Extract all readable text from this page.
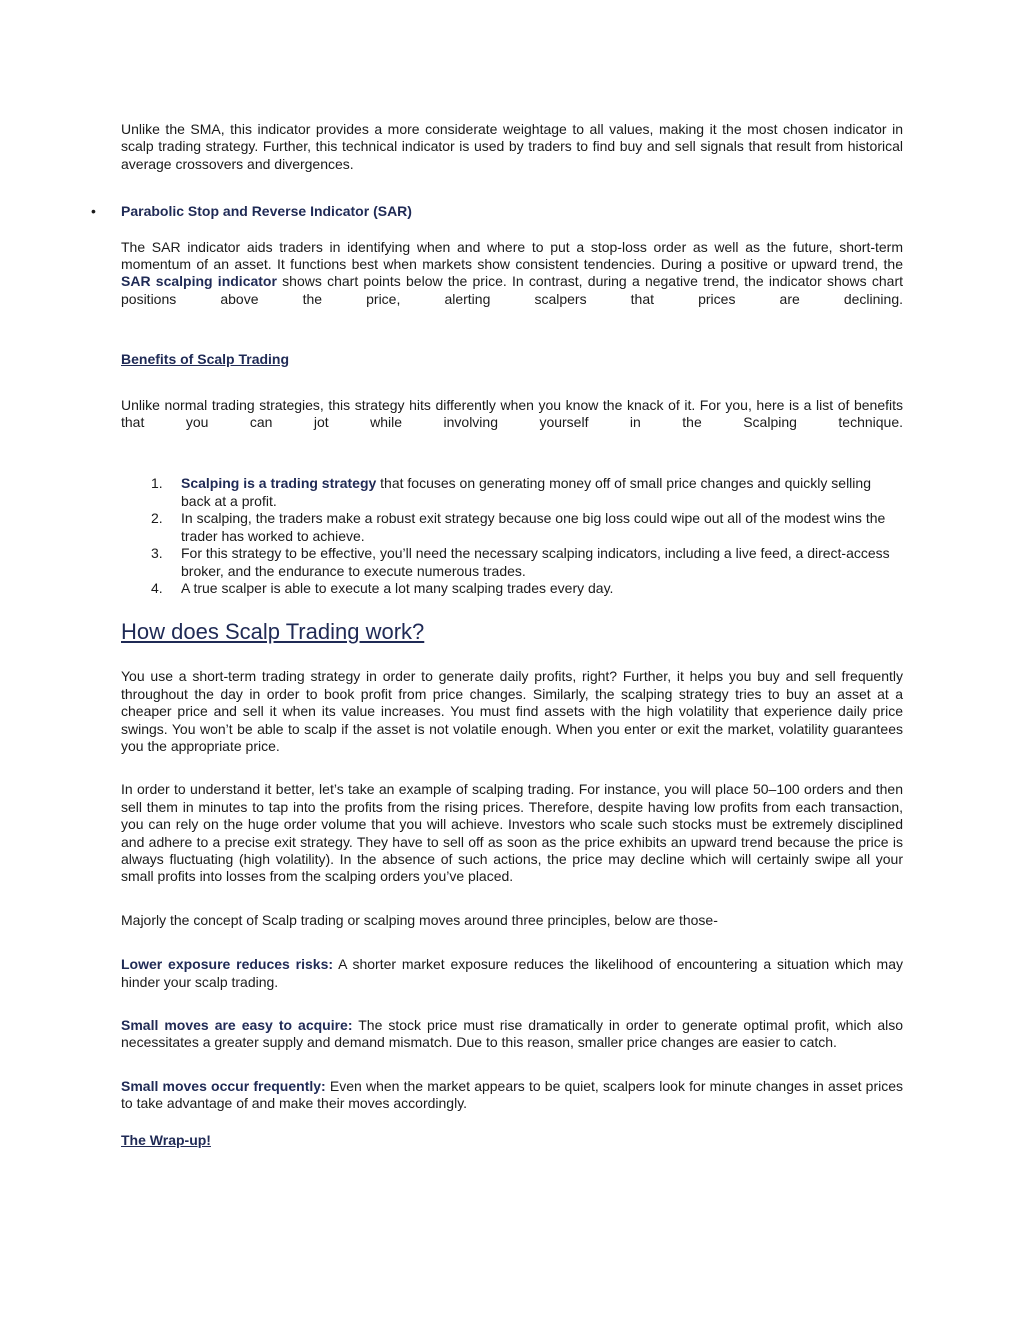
Unlike the SMA, this indicator provides a more considerate weightage to all values, making it the most chosen indicator in scalp trading strategy. Further, this technical indicator is used by traders to find buy and sell signals that result from historical average crossovers and divergences.

• Parabolic Stop and Reverse Indicator (SAR)

The SAR indicator aids traders in identifying when and where to put a stop-loss order as well as the future, short-term momentum of an asset. It functions best when markets show consistent tendencies. During a positive or upward trend, the SAR scalping indicator shows chart points below the price. In contrast, during a negative trend, the indicator shows chart positions above the price, alerting scalpers that prices are declining.

Benefits of Scalp Trading

Unlike normal trading strategies, this strategy hits differently when you know the knack of it. For you, here is a list of benefits that you can jot while involving yourself in the Scalping technique.

1. Scalping is a trading strategy that focuses on generating money off of small price changes and quickly selling back at a profit.
2. In scalping, the traders make a robust exit strategy because one big loss could wipe out all of the modest wins the trader has worked to achieve.
3. For this strategy to be effective, you’ll need the necessary scalping indicators, including a live feed, a direct-access broker, and the endurance to execute numerous trades.
4. A true scalper is able to execute a lot many scalping trades every day.
How does Scalp Trading work?

You use a short-term trading strategy in order to generate daily profits, right? Further, it helps you buy and sell frequently throughout the day in order to book profit from price changes. Similarly, the scalping strategy tries to buy an asset at a cheaper price and sell it when its value increases. You must find assets with the high volatility that experience daily price swings. You won’t be able to scalp if the asset is not volatile enough. When you enter or exit the market, volatility guarantees you the appropriate price.

In order to understand it better, let’s take an example of scalping trading. For instance, you will place 50–100 orders and then sell them in minutes to tap into the profits from the rising prices. Therefore, despite having low profits from each transaction, you can rely on the huge order volume that you will achieve. Investors who scale such stocks must be extremely disciplined and adhere to a precise exit strategy. They have to sell off as soon as the price exhibits an upward trend because the price is always fluctuating (high volatility). In the absence of such actions, the price may decline which will certainly swipe all your small profits into losses from the scalping orders you’ve placed.

Majorly the concept of Scalp trading or scalping moves around three principles, below are those-

Lower exposure reduces risks: A shorter market exposure reduces the likelihood of encountering a situation which may hinder your scalp trading.

Small moves are easy to acquire: The stock price must rise dramatically in order to generate optimal profit, which also necessitates a greater supply and demand mismatch. Due to this reason, smaller price changes are easier to catch.

Small moves occur frequently: Even when the market appears to be quiet, scalpers look for minute changes in asset prices to take advantage of and make their moves accordingly.

The Wrap-up!
